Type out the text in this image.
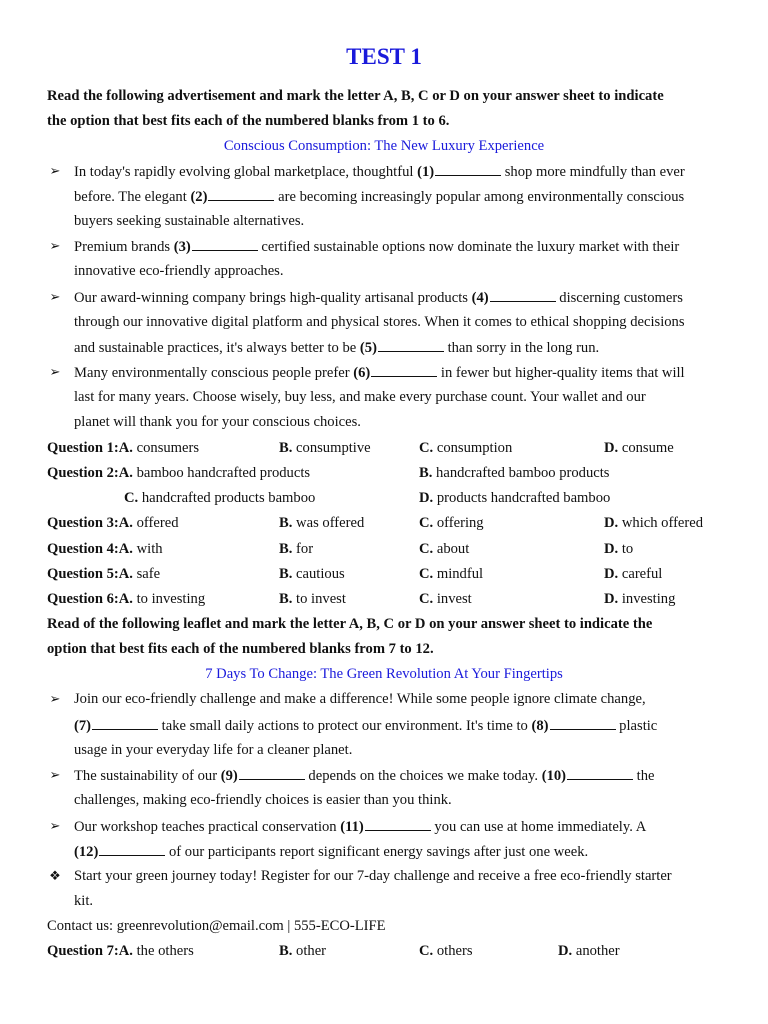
TEST 1
Read the following advertisement and mark the letter A, B, C or D on your answer sheet to indicate
the option that best fits each of the numbered blanks from 1 to 6.
Conscious Consumption: The New Luxury Experience
➢ In today's rapidly evolving global marketplace, thoughtful (1)	shop more mindfully than ever
before. The elegant (2)	are becoming increasingly popular among environmentally conscious
buyers seeking sustainable alternatives.
➢ Premium brands (3)	certified sustainable options now dominate the luxury market with their
innovative eco-friendly approaches.
➢ Our award-winning company brings high-quality artisanal products (4)	discerning customers
through our innovative digital platform and physical stores. When it comes to ethical shopping decisions
and sustainable practices, it's always better to be (5)	than sorry in the long run.
➢ Many environmentally conscious people prefer (6)	in fewer but higher-quality items that will
last for many years. Choose wisely, buy less, and make every purchase count. Your wallet and our
planet will thank you for your conscious choices.
Question 1:A. consumers	B. consumptive	C. consumption	D. consume
Question 2:A. bamboo handcrafted products	B. handcrafted bamboo products
C. handcrafted products bamboo	D. products handcrafted bamboo
Question 3:A. offered	B. was offered	C. offering	D. which offered
Question 4:A. with	B. for	C. about	D. to
Question 5:A. safe	B. cautious	C. mindful	D. careful
Question 6:A. to investing	B. to invest	C. invest	D. investing
Read of the following leaflet and mark the letter A, B, C or D on your answer sheet to indicate the
option that best fits each of the numbered blanks from 7 to 12.
7 Days To Change: The Green Revolution At Your Fingertips
➢ Join our eco-friendly challenge and make a difference! While some people ignore climate change,
(7)	take small daily actions to protect our environment. It's time to (8)	plastic
usage in your everyday life for a cleaner planet.
➢ The sustainability of our (9)	depends on the choices we make today. (10)	the
challenges, making eco-friendly choices is easier than you think.
➢ Our workshop teaches practical conservation (11)	you can use at home immediately. A
(12)	of our participants report significant energy savings after just one week.
❖ Start your green journey today! Register for our 7-day challenge and receive a free eco-friendly starter
kit.
Contact us: greenrevolution@email.com | 555-ECO-LIFE
Question 7:A. the others	B. other	C. others	D. another
